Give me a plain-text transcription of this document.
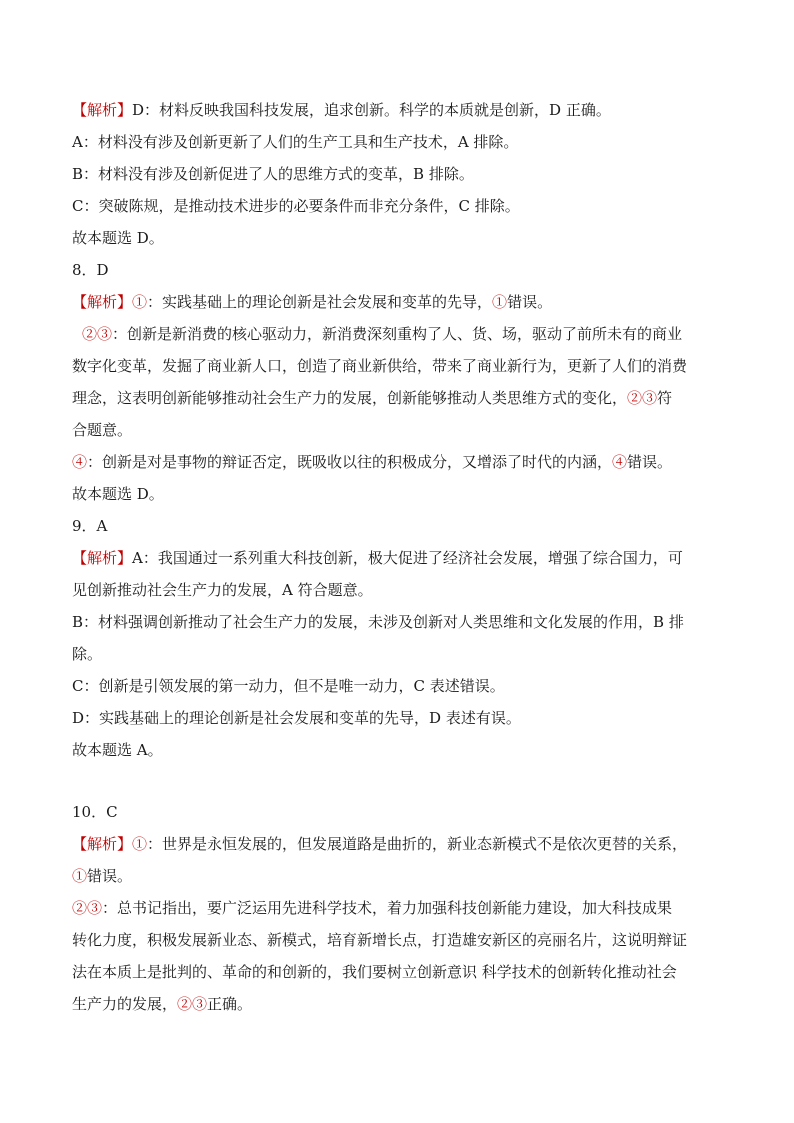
【解析】D：材料反映我国科技发展，追求创新。科学的本质就是创新，D 正确。
A：材料没有涉及创新更新了人们的生产工具和生产技术，A 排除。
B：材料没有涉及创新促进了人的思维方式的变革，B 排除。
C：突破陈规，是推动技术进步的必要条件而非充分条件，C 排除。
故本题选 D。
8．D
【解析】①：实践基础上的理论创新是社会发展和变革的先导，①错误。
②③：创新是新消费的核心驱动力，新消费深刻重构了人、货、场，驱动了前所未有的商业
数字化变革，发掘了商业新人口，创造了商业新供给，带来了商业新行为，更新了人们的消费
理念，这表明创新能够推动社会生产力的发展，创新能够推动人类思维方式的变化，②③符
合题意。
④：创新是对是事物的辩证否定，既吸收以往的积极成分，又增添了时代的内涵，④错误。
故本题选 D。
9．A
【解析】A：我国通过一系列重大科技创新，极大促进了经济社会发展，增强了综合国力，可
见创新推动社会生产力的发展，A 符合题意。
B：材料强调创新推动了社会生产力的发展，未涉及创新对人类思维和文化发展的作用，B 排
除。
C：创新是引领发展的第一动力，但不是唯一动力，C 表述错误。
D：实践基础上的理论创新是社会发展和变革的先导，D 表述有误。
故本题选 A。
10．C
【解析】①：世界是永恒发展的，但发展道路是曲折的，新业态新模式不是依次更替的关系，
①错误。
②③：总书记指出，要广泛运用先进科学技术，着力加强科技创新能力建设，加大科技成果
转化力度，积极发展新业态、新模式，培育新增长点，打造雄安新区的亮丽名片，这说明辩证
法在本质上是批判的、革命的和创新的，我们要树立创新意识 科学技术的创新转化推动社会
生产力的发展，②③正确。
